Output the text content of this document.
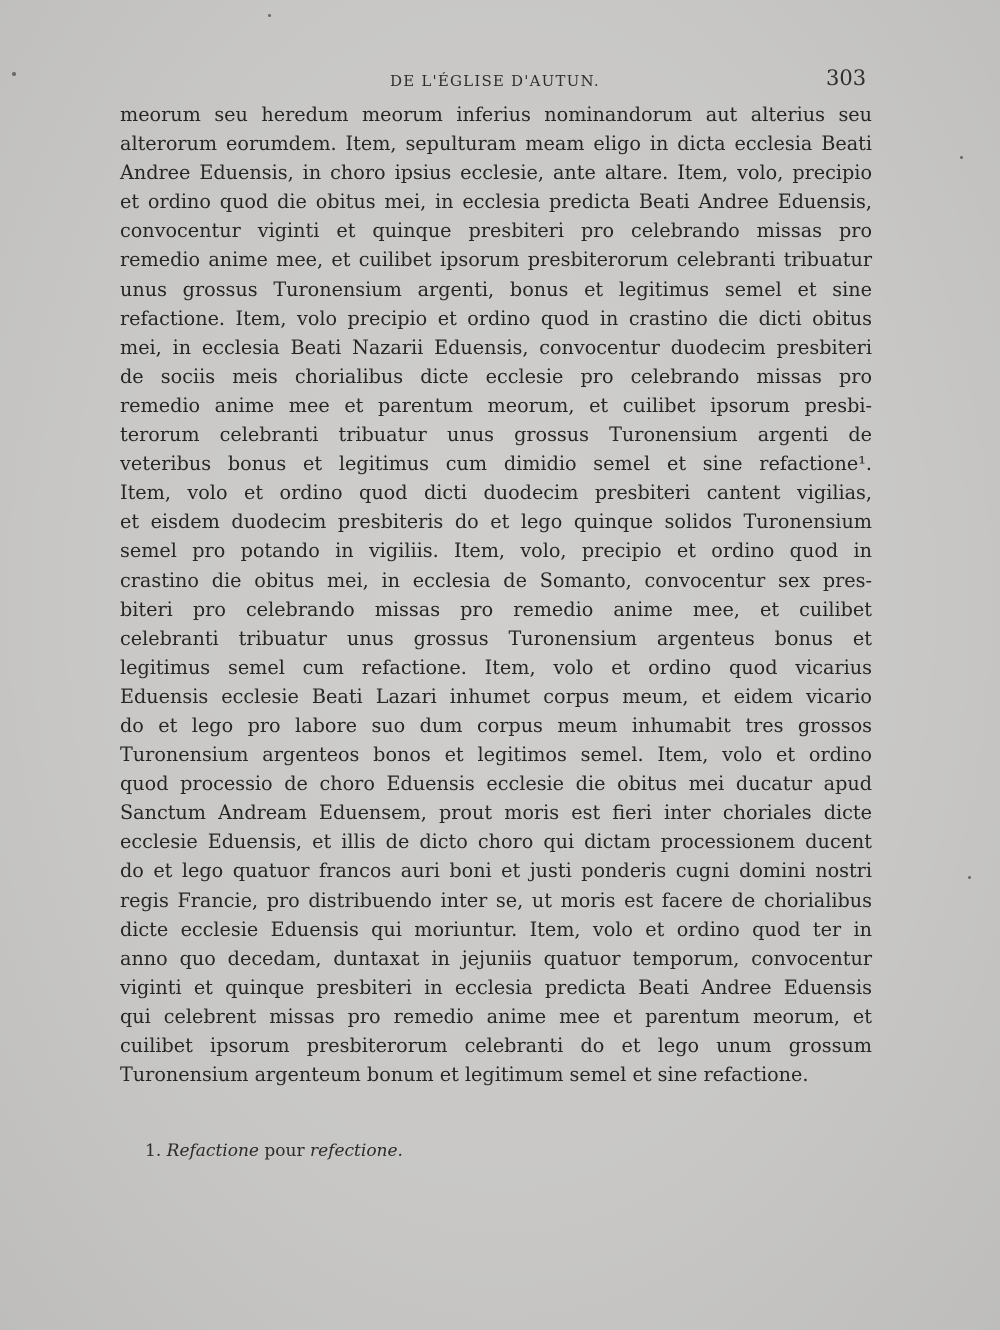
DE L'ÉGLISE D'AUTUN.	303
meorum seu heredum meorum inferius nominandorum aut alterius seu
alterorum eorumdem. Item, sepulturam meam eligo in dicta ecclesia Beati
Andree Eduensis, in choro ipsius ecclesie, ante altare. Item, volo, precipio
et ordino quod die obitus mei, in ecclesia predicta Beati Andree Eduensis,
convocentur viginti et quinque presbiteri pro celebrando missas pro
remedio anime mee, et cuilibet ipsorum presbiterorum celebranti tribuatur
unus grossus Turonensium argenti, bonus et legitimus semel et sine
refactione. Item, volo precipio et ordino quod in crastino die dicti obitus
mei, in ecclesia Beati Nazarii Eduensis, convocentur duodecim presbiteri
de sociis meis chorialibus dicte ecclesie pro celebrando missas pro
remedio anime mee et parentum meorum, et cuilibet ipsorum presbi-
terorum celebranti tribuatur unus grossus Turonensium argenti de
veteribus bonus et legitimus cum dimidio semel et sine refactione¹.
Item, volo et ordino quod dicti duodecim presbiteri cantent vigilias,
et eisdem duodecim presbiteris do et lego quinque solidos Turonensium
semel pro potando in vigiliis. Item, volo, precipio et ordino quod in
crastino die obitus mei, in ecclesia de Somanto, convocentur sex pres-
biteri pro celebrando missas pro remedio anime mee, et cuilibet
celebranti tribuatur unus grossus Turonensium argenteus bonus et
legitimus semel cum refactione. Item, volo et ordino quod vicarius
Eduensis ecclesie Beati Lazari inhumet corpus meum, et eidem vicario
do et lego pro labore suo dum corpus meum inhumabit tres grossos
Turonensium argenteos bonos et legitimos semel. Item, volo et ordino
quod processio de choro Eduensis ecclesie die obitus mei ducatur apud
Sanctum Andream Eduensem, prout moris est fieri inter choriales dicte
ecclesie Eduensis, et illis de dicto choro qui dictam processionem ducent
do et lego quatuor francos auri boni et justi ponderis cugni domini nostri
regis Francie, pro distribuendo inter se, ut moris est facere de chorialibus
dicte ecclesie Eduensis qui moriuntur. Item, volo et ordino quod ter in
anno quo decedam, duntaxat in jejuniis quatuor temporum, convocentur
viginti et quinque presbiteri in ecclesia predicta Beati Andree Eduensis
qui celebrent missas pro remedio anime mee et parentum meorum, et
cuilibet ipsorum presbiterorum celebranti do et lego unum grossum
Turonensium argenteum bonum et legitimum semel et sine refactione.
1. Refactione pour refectione.
